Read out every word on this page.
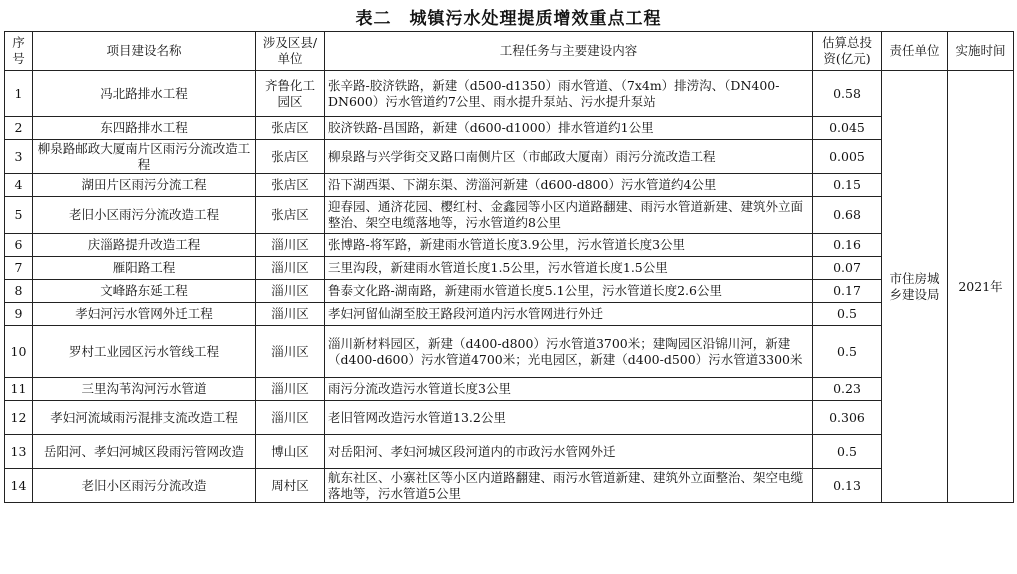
表二　城镇污水处理提质增效重点工程
序号	项目建设名称	涉及区县/单位	工程任务与主要建设内容	估算总投资(亿元)	责任单位	实施时间
1	冯北路排水工程	齐鲁化工园区	张辛路-胶济铁路，新建（d500-d1350）雨水管道、（7x4m）排涝沟、（DN400-DN600）污水管道约7公里、雨水提升泵站、污水提升泵站	0.58	市住房城乡建设局	2021年
2	东四路排水工程	张店区	胶济铁路-昌国路，新建（d600-d1000）排水管道约1公里	0.045		
3	柳泉路邮政大厦南片区雨污分流改造工程	张店区	柳泉路与兴学街交叉路口南侧片区（市邮政大厦南）雨污分流改造工程	0.005		
4	湖田片区雨污分流工程	张店区	沿下湖西渠、下湖东渠、涝淄河新建（d600-d800）污水管道约4公里	0.15		
5	老旧小区雨污分流改造工程	张店区	迎春园、通济花园、樱红村、金鑫园等小区内道路翻建、雨污水管道新建、建筑外立面整治、架空电缆落地等，污水管道约8公里	0.68		
6	庆淄路提升改造工程	淄川区	张博路-将军路，新建雨水管道长度3.9公里，污水管道长度3公里	0.16		
7	雁阳路工程	淄川区	三里沟段，新建雨水管道长度1.5公里，污水管道长度1.5公里	0.07		
8	文峰路东延工程	淄川区	鲁泰文化路-湖南路，新建雨水管道长度5.1公里，污水管道长度2.6公里	0.17		
9	孝妇河污水管网外迁工程	淄川区	孝妇河留仙湖至胶王路段河道内污水管网进行外迁	0.5		
10	罗村工业园区污水管线工程	淄川区	淄川新材料园区，新建（d400-d800）污水管道3700米；建陶园区沿锦川河，新建（d400-d600）污水管道4700米；光电园区，新建（d400-d500）污水管道3300米	0.5		
11	三里沟苇沟河污水管道	淄川区	雨污分流改造污水管道长度3公里	0.23		
12	孝妇河流域雨污混排支流改造工程	淄川区	老旧管网改造污水管道13.2公里	0.306		
13	岳阳河、孝妇河城区段雨污管网改造	博山区	对岳阳河、孝妇河城区段河道内的市政污水管网外迁	0.5		
14	老旧小区雨污分流改造	周村区	航东社区、小寨社区等小区内道路翻建、雨污水管道新建、建筑外立面整治、架空电缆落地等，污水管道5公里	0.13		
